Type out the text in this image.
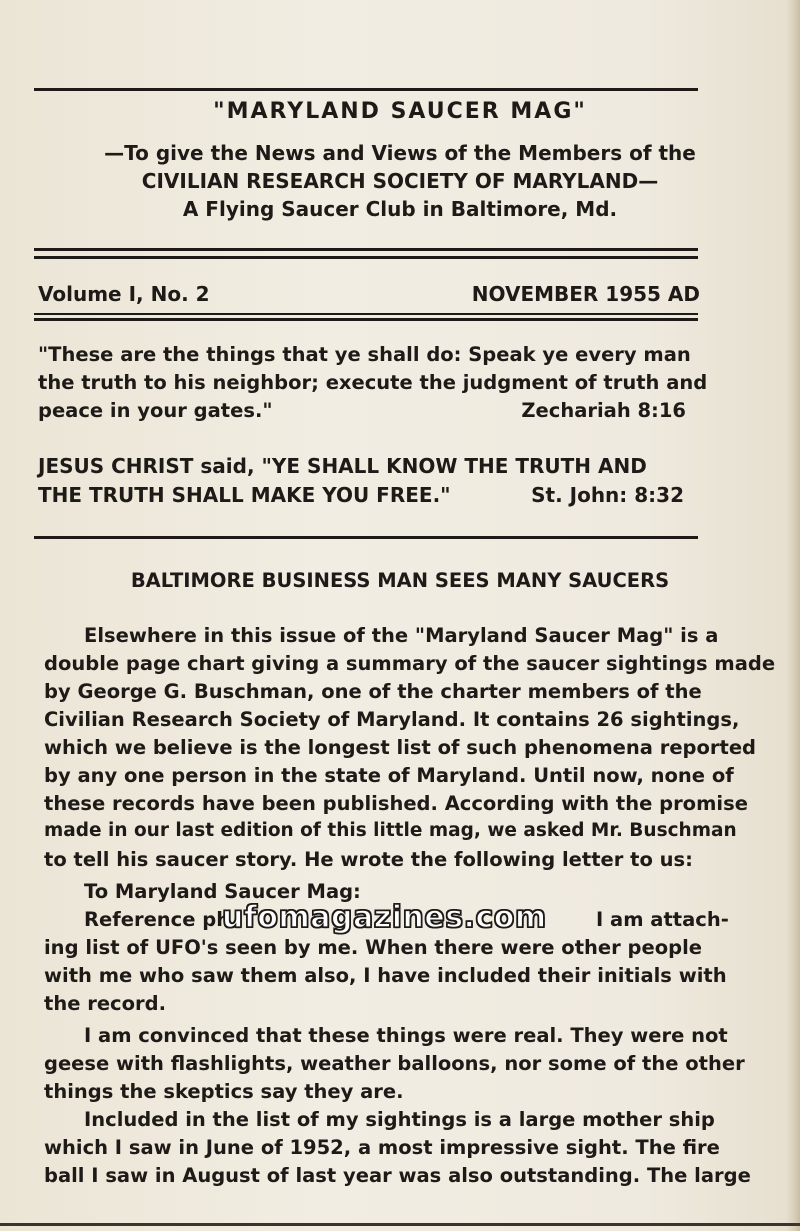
"MARYLAND SAUCER MAG"
—To give the News and Views of the Members of the
CIVILIAN RESEARCH SOCIETY OF MARYLAND—
A Flying Saucer Club in Baltimore, Md.
Volume I, No. 2	NOVEMBER 1955 AD
"These are the things that ye shall do: Speak ye every man
the truth to his neighbor; execute the judgment of truth and
peace in your gates."	Zechariah 8:16
JESUS CHRIST said, "YE SHALL KNOW THE TRUTH AND
THE TRUTH SHALL MAKE YOU FREE."	St. John: 8:32
BALTIMORE BUSINESS MAN SEES MANY SAUCERS
Elsewhere in this issue of the "Maryland Saucer Mag" is a
double page chart giving a summary of the saucer sightings made
by George G. Buschman, one of the charter members of the
Civilian Research Society of Maryland. It contains 26 sightings,
which we believe is the longest list of such phenomena reported
by any one person in the state of Maryland. Until now, none of
these records have been published. According with the promise
made in our last edition of this little mag, we asked Mr. Buschman
to tell his saucer story. He wrote the following letter to us:
To Maryland Saucer Mag:
Reference ph	I am attach-
ing list of UFO's seen by me. When there were other people
with me who saw them also, I have included their initials with
the record.
I am convinced that these things were real. They were not
geese with flashlights, weather balloons, nor some of the other
things the skeptics say they are.
Included in the list of my sightings is a large mother ship
which I saw in June of 1952, a most impressive sight. The fire
ball I saw in August of last year was also outstanding. The large
ufomagazines.com
